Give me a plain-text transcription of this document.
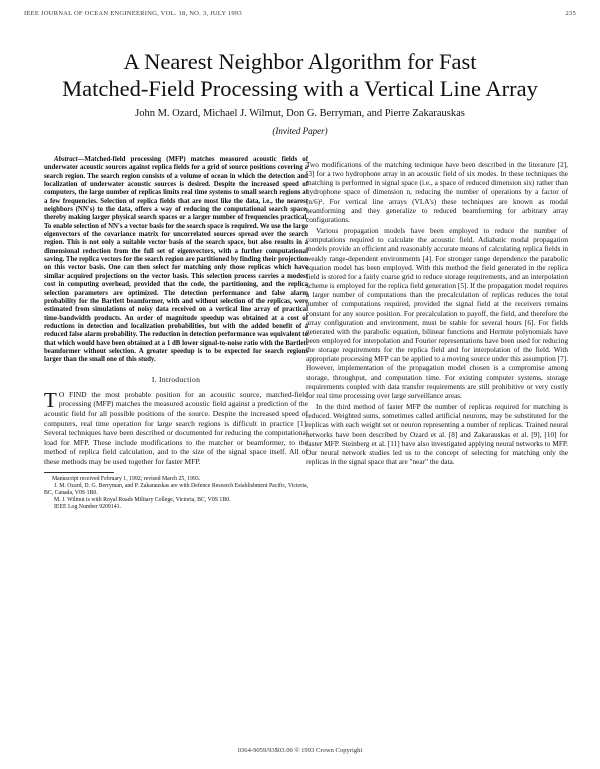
IEEE JOURNAL OF OCEAN ENGINEERING, VOL. 18, NO. 3, JULY 1993	235
A Nearest Neighbor Algorithm for Fast
Matched-Field Processing with a Vertical Line Array
John M. Ozard, Michael J. Wilmut, Don G. Berryman, and Pierre Zakarauskas
(Invited Paper)

Abstract—Matched-field processing (MFP) matches measured acoustic fields of underwater acoustic sources against replica fields for a grid of source positions covering a search region. The search region consists of a volume of ocean in which the detection and localization of underwater acoustic sources is desired. Despite the increased speed of computers, the large number of replicas limits real time systems to small search regions at a few frequencies. Selection of replica fields that are most like the data, i.e., the nearest neighbors (NN's) to the data, offers a way of reducing the computational search space, thereby making larger physical search spaces or a larger number of frequencies practical. To enable selection of NN's a vector basis for the search space is required. We use the large eigenvectors of the covariance matrix for uncorrelated sources spread over the search region. This is not only a suitable vector basis of the search space, but also results in a dimensional reduction from the full set of eigenvectors, with a further computational saving. The replica vectors for the search region are partitioned by finding their projection on this vector basis. One can then select for matching only those replicas which have similar acquired projections on the vector basis. This selection process carries a modest cost in computing overhead, provided that the code, the partitioning, and the replica selection parameters are optimized. The detection performance and false alarm probability for the Bartlett beamformer, with and without selection of the replicas, were estimated from simulations of noisy data received on a vertical line array of practical time-bandwidth products. An order of magnitude speedup was obtained at a cost of reductions in detection and localization probabilities, but with the added benefit of a reduced false alarm probability. The reduction in detection performance was equivalent to that which would have been obtained at a 1 dB lower signal-to-noise ratio with the Bartlett beamformer without selection. A greater speedup is to be expected for search regions larger than the small one of this study.

I. Introduction

T O FIND the most probable position for an acoustic source, matched-field processing (MFP) matches the measured acoustic field against a prediction of the acoustic field for all possible positions of the source. Despite the increased speed of computers, real time operation for large search regions is difficult in practice [1]. Several techniques have been described or documented for reducing the computational load for MFP. These include modifications to the matcher or beamformer, to the method of replica field calculation, and to the size of the signal space itself. All of these methods may be used together for faster MFP.

Manuscript received February 1, 1992; revised March 25, 1993.

J. M. Ozard, D. G. Berryman, and P. Zakarauskas are with Defence Research Establishment Pacific, Victoria, BC, Canada, V0S 1B0.

M. J. Wilmut is with Royal Roads Military College, Victoria, BC, V0S 1B0.

IEEE Log Number 9209141.

Two modifications of the matching technique have been described in the literature [2], [3] for a two hydrophone array in an acoustic field of six modes. In these techniques the matching is performed in signal space (i.e., a space of reduced dimension six) rather than hydrophone space of dimension n, reducing the number of operations by a factor of (n/6)². For vertical line arrays (VLA's) these techniques are known as modal beamforming and they generalize to reduced beamforming for arbitrary array configurations.

Various propagation models have been employed to reduce the number of computations required to calculate the acoustic field. Adiabatic modal propagation models provide an efficient and reasonably accurate means of calculating replica fields in weakly range-dependent environments [4]. For stronger range dependence the parabolic equation model has been employed. With this method the field generated in the replica field is stored for a fairly coarse grid to reduce storage requirements, and an interpolation scheme is employed for the replica field generation [5]. If the propagation model requires a larger number of computations than the precalculation of replicas reduces the total number of computations required, provided the signal field at the receivers remains constant for any source position. For precalculation to payoff, the field, and therefore the array configuration and environment, must be stable for several hours [6]. For fields generated with the parabolic equation, bilinear functions and Hermite polynomials have been employed for interpolation and Fourier representations have been used for reducing the storage requirements for the replica field and for interpolation of the field. With appropriate processing MFP can be applied to a moving source under this assumption [7]. However, implementation of the propagation model chosen is a compromise among storage, throughput, and computation time. For existing computer systems, storage requirements coupled with data transfer requirements are still prohibitive or very costly for real time processing over large surveillance areas.

In the third method of faster MFP the number of replicas required for matching is reduced. Weighted sums, sometimes called artificial neurons, may be substituted for the replicas with each weight set or neuron representing a number of replicas. Trained neural networks have been described by Ozard et al. [8] and Zakarauskas et al. [9], [10] for faster MFP. Steinberg et al. [11] have also investigated applying neural networks to MFP. Our neural network studies led us to the concept of selecting for matching only the replicas in the signal space that are "near" the data.

0364-9059/93$03.00 © 1993 Crown Copyright
